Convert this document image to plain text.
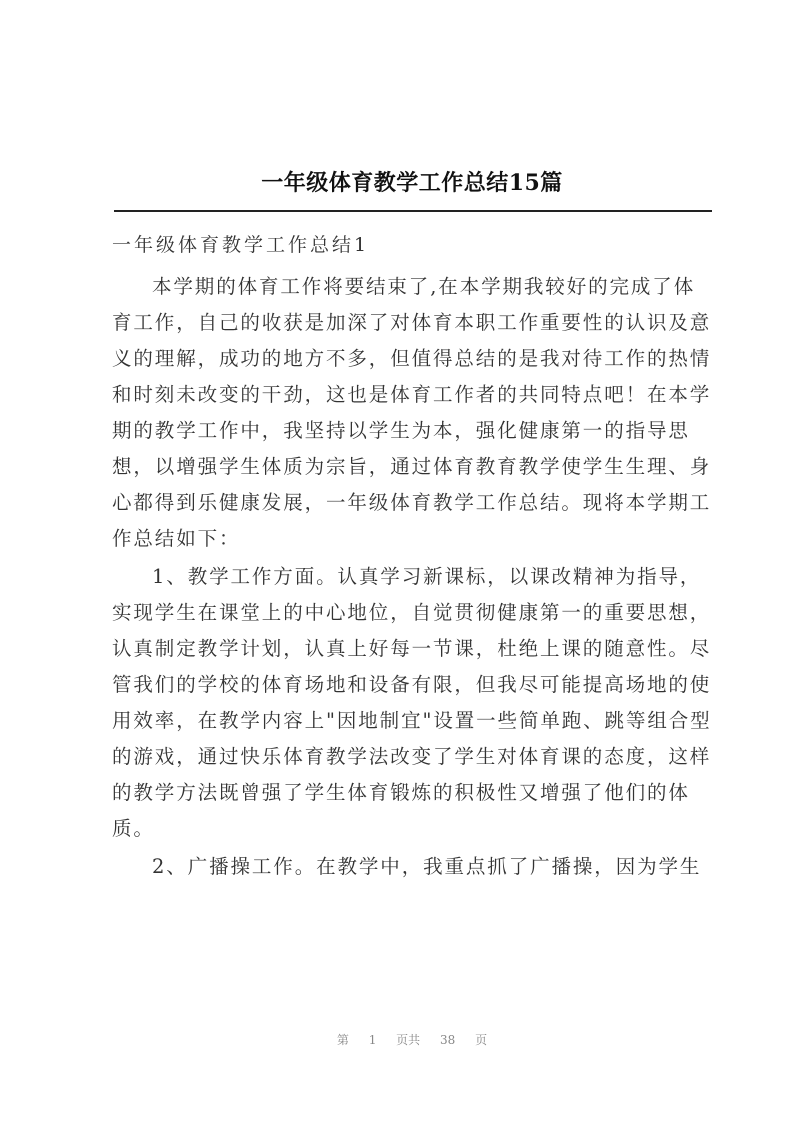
一年级体育教学工作总结15篇
一年级体育教学工作总结1
本学期的体育工作将要结束了,在本学期我较好的完成了体
育工作，自己的收获是加深了对体育本职工作重要性的认识及意
义的理解，成功的地方不多，但值得总结的是我对待工作的热情
和时刻未改变的干劲，这也是体育工作者的共同特点吧！在本学
期的教学工作中，我坚持以学生为本，强化健康第一的指导思
想，以增强学生体质为宗旨，通过体育教育教学使学生生理、身
心都得到乐健康发展，一年级体育教学工作总结。现将本学期工
作总结如下：
1、教学工作方面。认真学习新课标，以课改精神为指导，
实现学生在课堂上的中心地位，自觉贯彻健康第一的重要思想，
认真制定教学计划，认真上好每一节课，杜绝上课的随意性。尽
管我们的学校的体育场地和设备有限，但我尽可能提高场地的使
用效率，在教学内容上"因地制宜"设置一些简单跑、跳等组合型
的游戏，通过快乐体育教学法改变了学生对体育课的态度，这样
的教学方法既曾强了学生体育锻炼的积极性又增强了他们的体
质。
2、广播操工作。在教学中，我重点抓了广播操，因为学生
第 1 页共 38 页
